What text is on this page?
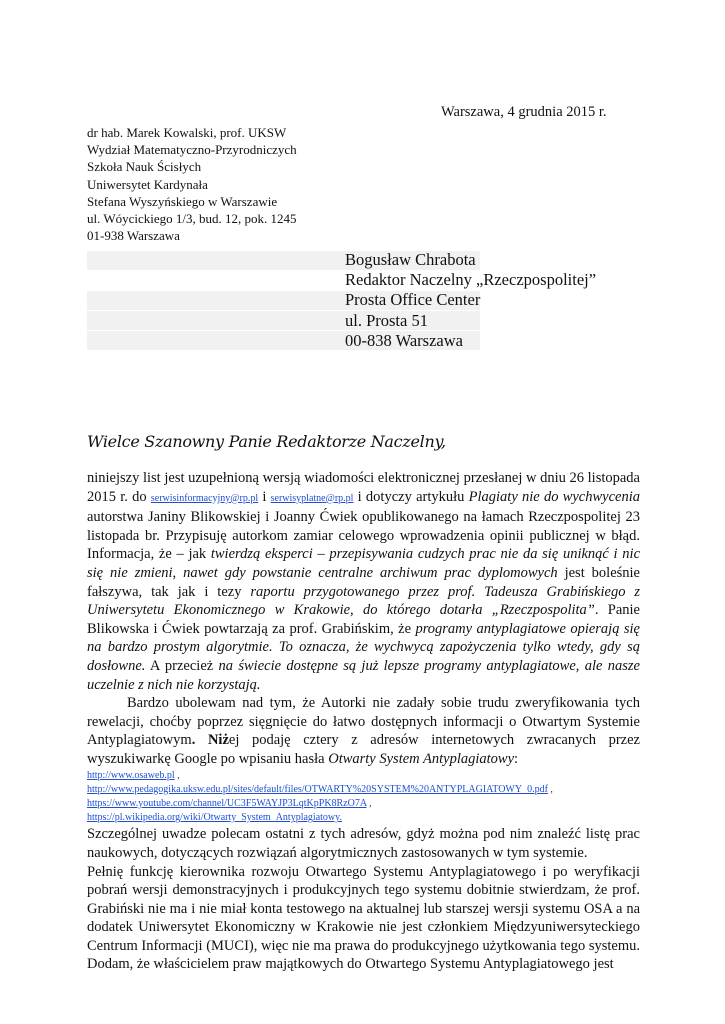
Warszawa, 4 grudnia 2015 r.
dr hab. Marek Kowalski, prof. UKSW
Wydział Matematyczno-Przyrodniczych
Szkoła Nauk Ścisłych
Uniwersytet Kardynała
Stefana Wyszyńskiego w Warszawie
ul. Wóycickiego 1/3, bud. 12, pok. 1245
01-938 Warszawa
Bogusław Chrabota
Redaktor Naczelny „Rzeczpospolitej”
Prosta Office Center
ul. Prosta 51
00-838 Warszawa
Wielce Szanowny Panie Redaktorze Naczelny,

niniejszy list jest uzupełnioną wersją wiadomości elektronicznej przesłanej w dniu 26 listopada 2015 r. do serwisinformacyjny@rp.pl i serwisyplatne@rp.pl i dotyczy artykułu Plagiaty nie do wychwycenia autorstwa Janiny Blikowskiej i Joanny Ćwiek opublikowanego na łamach Rzeczpospolitej 23 listopada br. Przypisuję autorkom zamiar celowego wprowadzenia opinii publicznej w błąd. Informacja, że – jak twierdzą eksperci – przepisywania cudzych prac nie da się uniknąć i nic się nie zmieni, nawet gdy powstanie centralne archiwum prac dyplomowych jest boleśnie fałszywa, tak jak i tezy raportu przygotowanego przez prof. Tadeusza Grabińskiego z Uniwersytetu Ekonomicznego w Krakowie, do którego dotarła „Rzeczpospolita”. Panie Blikowska i Ćwiek powtarzają za prof. Grabińskim, że programy antyplagiatowe opierają się na bardzo prostym algorytmie. To oznacza, że wychwycą zapożyczenia tylko wtedy, gdy są dosłowne. A przecież na świecie dostępne są już lepsze programy antyplagiatowe, ale nasze uczelnie z nich nie korzystają.

Bardzo ubolewam nad tym, że Autorki nie zadały sobie trudu zweryfikowania tych rewelacji, choćby poprzez sięgnięcie do łatwo dostępnych informacji o Otwartym Systemie Antyplagiatowym. Niżej podaję cztery z adresów internetowych zwracanych przez wyszukiwarkę Google po wpisaniu hasła Otwarty System Antyplagiatowy:

http://www.osaweb.pl ,
http://www.pedagogika.uksw.edu.pl/sites/default/files/OTWARTY%20SYSTEM%20ANTYPLAGIATOWY_0.pdf ,
https://www.youtube.com/channel/UC3F5WAYJP3LqtKpPK8RzO7A ,
https://pl.wikipedia.org/wiki/Otwarty_System_Antyplagiatowy.

Szczególnej uwadze polecam ostatni z tych adresów, gdyż można pod nim znaleźć listę prac naukowych, dotyczących rozwiązań algorytmicznych zastosowanych w tym systemie.

Pełnię funkcję kierownika rozwoju Otwartego Systemu Antyplagiatowego i po weryfikacji pobrań wersji demonstracyjnych i produkcyjnych tego systemu dobitnie stwierdzam, że prof. Grabiński nie ma i nie miał konta testowego na aktualnej lub starszej wersji systemu OSA a na dodatek Uniwersytet Ekonomiczny w Krakowie nie jest członkiem Międzyuniwersyteckiego Centrum Informacji (MUCI), więc nie ma prawa do produkcyjnego użytkowania tego systemu. Dodam, że właścicielem praw majątkowych do Otwartego Systemu Antyplagiatowego jest
